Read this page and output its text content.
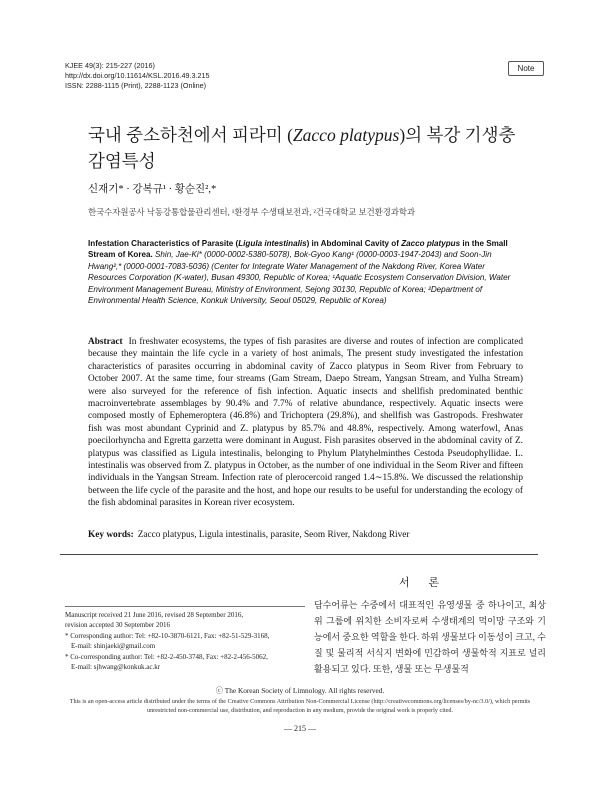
KJEE 49(3): 215-227 (2016)
http://dx.doi.org/10.11614/KSL.2016.49.3.215
ISSN: 2288-1115 (Print), 2288-1123 (Online)
Note
국내 중소하천에서 피라미 (Zacco platypus)의 복강 기생충 감염특성
신재기* · 강복규¹ · 황순진²,*
한국수자원공사 낙동강통합물관리센터, ¹환경부 수생태보전과, ²건국대학교 보건환경과학과
Infestation Characteristics of Parasite (Ligula intestinalis) in Abdominal Cavity of Zacco platypus in the Small Stream of Korea. Shin, Jae-Ki* (0000-0002-5380-5078), Bok-Gyoo Kang¹ (0000-0003-1947-2043) and Soon-Jin Hwang²,* (0000-0001-7083-5036) (Center for Integrate Water Management of the Nakdong River, Korea Water Resources Corporation (K-water), Busan 49300, Republic of Korea; ¹Aquatic Ecosystem Conservation Division, Water Environment Management Bureau, Ministry of Environment, Sejong 30130, Republic of Korea; ²Department of Environmental Health Science, Konkuk University, Seoul 05029, Republic of Korea)
Abstract In freshwater ecosystems, the types of fish parasites are diverse and routes of infection are complicated because they maintain the life cycle in a variety of host animals, The present study investigated the infestation characteristics of parasites occurring in abdominal cavity of Zacco platypus in Seom River from February to October 2007. At the same time, four streams (Gam Stream, Daepo Stream, Yangsan Stream, and Yulha Stream) were also surveyed for the reference of fish infection. Aquatic insects and shellfish predominated benthic macroinvertebrate assemblages by 90.4% and 7.7% of relative abundance, respectively. Aquatic insects were composed mostly of Ephemeroptera (46.8%) and Trichoptera (29.8%), and shellfish was Gastropods. Freshwater fish was most abundant Cyprinid and Z. platypus by 85.7% and 48.8%, respectively. Among waterfowl, Anas poecilorhyncha and Egretta garzetta were dominant in August. Fish parasites observed in the abdominal cavity of Z. platypus was classified as Ligula intestinalis, belonging to Phylum Platyhelminthes Cestoda Pseudophyllidae. L. intestinalis was observed from Z. platypus in October, as the number of one individual in the Seom River and fifteen individuals in the Yangsan Stream. Infection rate of plerocercoid ranged 1.4∼15.8%. We discussed the relationship between the life cycle of the parasite and the host, and hope our results to be useful for understanding the ecology of the fish abdominal parasites in Korean river ecosystem.
Key words: Zacco platypus, Ligula intestinalis, parasite, Seom River, Nakdong River
서 론
담수어류는 수중에서 대표적인 유영생물 중 하나이고, 최상위 그룹에 위치한 소비자로써 수생태계의 먹이망 구조와 기능에서 중요한 역할을 한다. 하위 생물보다 이동성이 크고, 수질 및 물리적 서식지 변화에 민감하여 생물학적 지표로 널리 활용되고 있다. 또한, 생물 또는 무생물적
Manuscript received 21 June 2016, revised 28 September 2016,
revision accepted 30 September 2016
* Corresponding author: Tel: +82-10-3870-6121, Fax: +82-51-529-3168,
E-mail: shinjaeki@gmail.com
* Co-corresponding author: Tel: +82-2-450-3748, Fax: +82-2-456-5062,
E-mail: sjhwang@konkuk.ac.kr
ⓒ The Korean Society of Limnology. All rights reserved.
This is an open-access article distributed under the terms of the Creative Commons Attribution Non-Commercial License (http://creativecommons.org/licenses/by-nc/3.0/), which permits unrestricted non-commercial use, distribution, and reproduction in any medium, provide the original work is properly cited.
— 215 —
